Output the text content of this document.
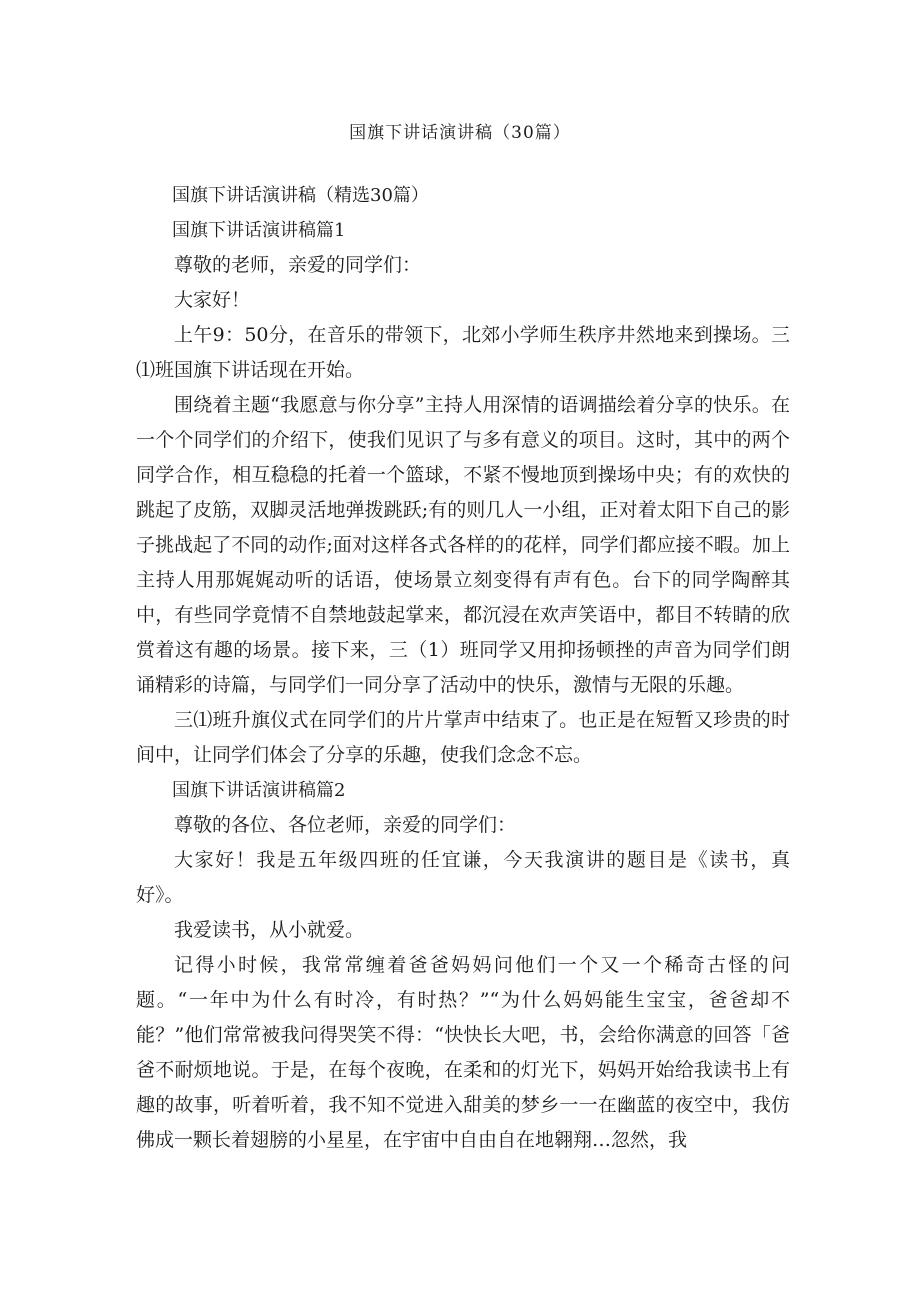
国旗下讲话演讲稿（30篇）

国旗下讲话演讲稿（精选30篇）

国旗下讲话演讲稿篇1

尊敬的老师，亲爱的同学们：

大家好！

上午9：50分，在音乐的带领下，北郊小学师生秩序井然地来到操场。三⑴班国旗下讲话现在开始。

围绕着主题“我愿意与你分享”主持人用深情的语调描绘着分享的快乐。在一个个同学们的介绍下，使我们见识了与多有意义的项目。这时，其中的两个同学合作，相互稳稳的托着一个篮球，不紧不慢地顶到操场中央；有的欢快的跳起了皮筋，双脚灵活地弹拨跳跃;有的则几人一小组，正对着太阳下自己的影子挑战起了不同的动作;面对这样各式各样的的花样，同学们都应接不暇。加上主持人用那娓娓动听的话语，使场景立刻变得有声有色。台下的同学陶醉其中，有些同学竟情不自禁地鼓起掌来，都沉浸在欢声笑语中，都目不转睛的欣赏着这有趣的场景。接下来，三（1）班同学又用抑扬顿挫的声音为同学们朗诵精彩的诗篇，与同学们一同分享了活动中的快乐，激情与无限的乐趣。

三⑴班升旗仪式在同学们的片片掌声中结束了。也正是在短暂又珍贵的时间中，让同学们体会了分享的乐趣，使我们念念不忘。

国旗下讲话演讲稿篇2

尊敬的各位、各位老师，亲爱的同学们：

大家好！我是五年级四班的任宜谦，今天我演讲的题目是《读书，真好》。

我爱读书，从小就爱。

记得小时候，我常常缠着爸爸妈妈问他们一个又一个稀奇古怪的问题。“一年中为什么有时冷，有时热？”“为什么妈妈能生宝宝，爸爸却不能？”他们常常被我问得哭笑不得：“快快长大吧，书，会给你满意的回答「爸爸不耐烦地说。于是，在每个夜晚，在柔和的灯光下，妈妈开始给我读书上有趣的故事，听着听着，我不知不觉进入甜美的梦乡一一在幽蓝的夜空中，我仿佛成一颗长着翅膀的小星星，在宇宙中自由自在地翱翔…忽然，我
